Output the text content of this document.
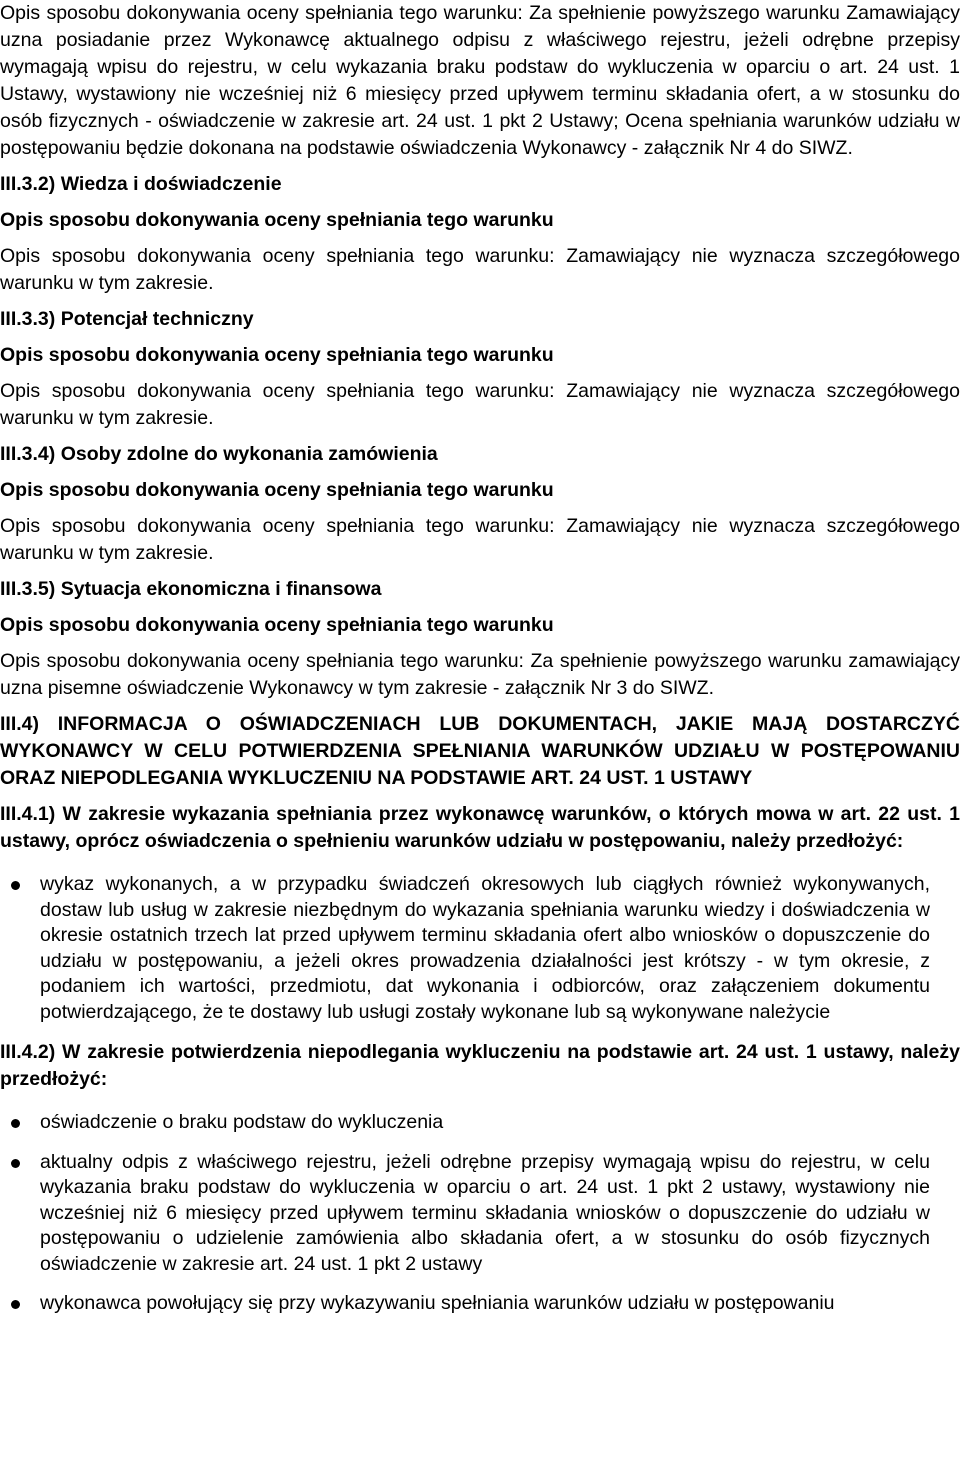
Opis sposobu dokonywania oceny spełniania tego warunku: Za spełnienie powyższego warunku Zamawiający uzna posiadanie przez Wykonawcę aktualnego odpisu z właściwego rejestru, jeżeli odrębne przepisy wymagają wpisu do rejestru, w celu wykazania braku podstaw do wykluczenia w oparciu o art. 24 ust. 1 Ustawy, wystawiony nie wcześniej niż 6 miesięcy przed upływem terminu składania ofert, a w stosunku do osób fizycznych - oświadczenie w zakresie art. 24 ust. 1 pkt 2 Ustawy; Ocena spełniania warunków udziału w postępowaniu będzie dokonana na podstawie oświadczenia Wykonawcy - załącznik Nr 4 do SIWZ.

III.3.2) Wiedza i doświadczenie

Opis sposobu dokonywania oceny spełniania tego warunku

Opis sposobu dokonywania oceny spełniania tego warunku: Zamawiający nie wyznacza szczegółowego warunku w tym zakresie.

III.3.3) Potencjał techniczny

Opis sposobu dokonywania oceny spełniania tego warunku

Opis sposobu dokonywania oceny spełniania tego warunku: Zamawiający nie wyznacza szczegółowego warunku w tym zakresie.

III.3.4) Osoby zdolne do wykonania zamówienia

Opis sposobu dokonywania oceny spełniania tego warunku

Opis sposobu dokonywania oceny spełniania tego warunku: Zamawiający nie wyznacza szczegółowego warunku w tym zakresie.

III.3.5) Sytuacja ekonomiczna i finansowa

Opis sposobu dokonywania oceny spełniania tego warunku

Opis sposobu dokonywania oceny spełniania tego warunku: Za spełnienie powyższego warunku zamawiający uzna pisemne oświadczenie Wykonawcy w tym zakresie - załącznik Nr 3 do SIWZ.

III.4) INFORMACJA O OŚWIADCZENIACH LUB DOKUMENTACH, JAKIE MAJĄ DOSTARCZYĆ WYKONAWCY W CELU POTWIERDZENIA SPEŁNIANIA WARUNKÓW UDZIAŁU W POSTĘPOWANIU ORAZ NIEPODLEGANIA WYKLUCZENIU NA PODSTAWIE ART. 24 UST. 1 USTAWY

III.4.1) W zakresie wykazania spełniania przez wykonawcę warunków, o których mowa w art. 22 ust. 1 ustawy, oprócz oświadczenia o spełnieniu warunków udziału w postępowaniu, należy przedłożyć:

wykaz wykonanych, a w przypadku świadczeń okresowych lub ciągłych również wykonywanych, dostaw lub usług w zakresie niezbędnym do wykazania spełniania warunku wiedzy i doświadczenia w okresie ostatnich trzech lat przed upływem terminu składania ofert albo wniosków o dopuszczenie do udziału w postępowaniu, a jeżeli okres prowadzenia działalności jest krótszy - w tym okresie, z podaniem ich wartości, przedmiotu, dat wykonania i odbiorców, oraz załączeniem dokumentu potwierdzającego, że te dostawy lub usługi zostały wykonane lub są wykonywane należycie

III.4.2) W zakresie potwierdzenia niepodlegania wykluczeniu na podstawie art. 24 ust. 1 ustawy, należy przedłożyć:

oświadczenie o braku podstaw do wykluczenia
aktualny odpis z właściwego rejestru, jeżeli odrębne przepisy wymagają wpisu do rejestru, w celu wykazania braku podstaw do wykluczenia w oparciu o art. 24 ust. 1 pkt 2 ustawy, wystawiony nie wcześniej niż 6 miesięcy przed upływem terminu składania wniosków o dopuszczenie do udziału w postępowaniu o udzielenie zamówienia albo składania ofert, a w stosunku do osób fizycznych oświadczenie w zakresie art. 24 ust. 1 pkt 2 ustawy
wykonawca powołujący się przy wykazywaniu spełniania warunków udziału w postępowaniu
